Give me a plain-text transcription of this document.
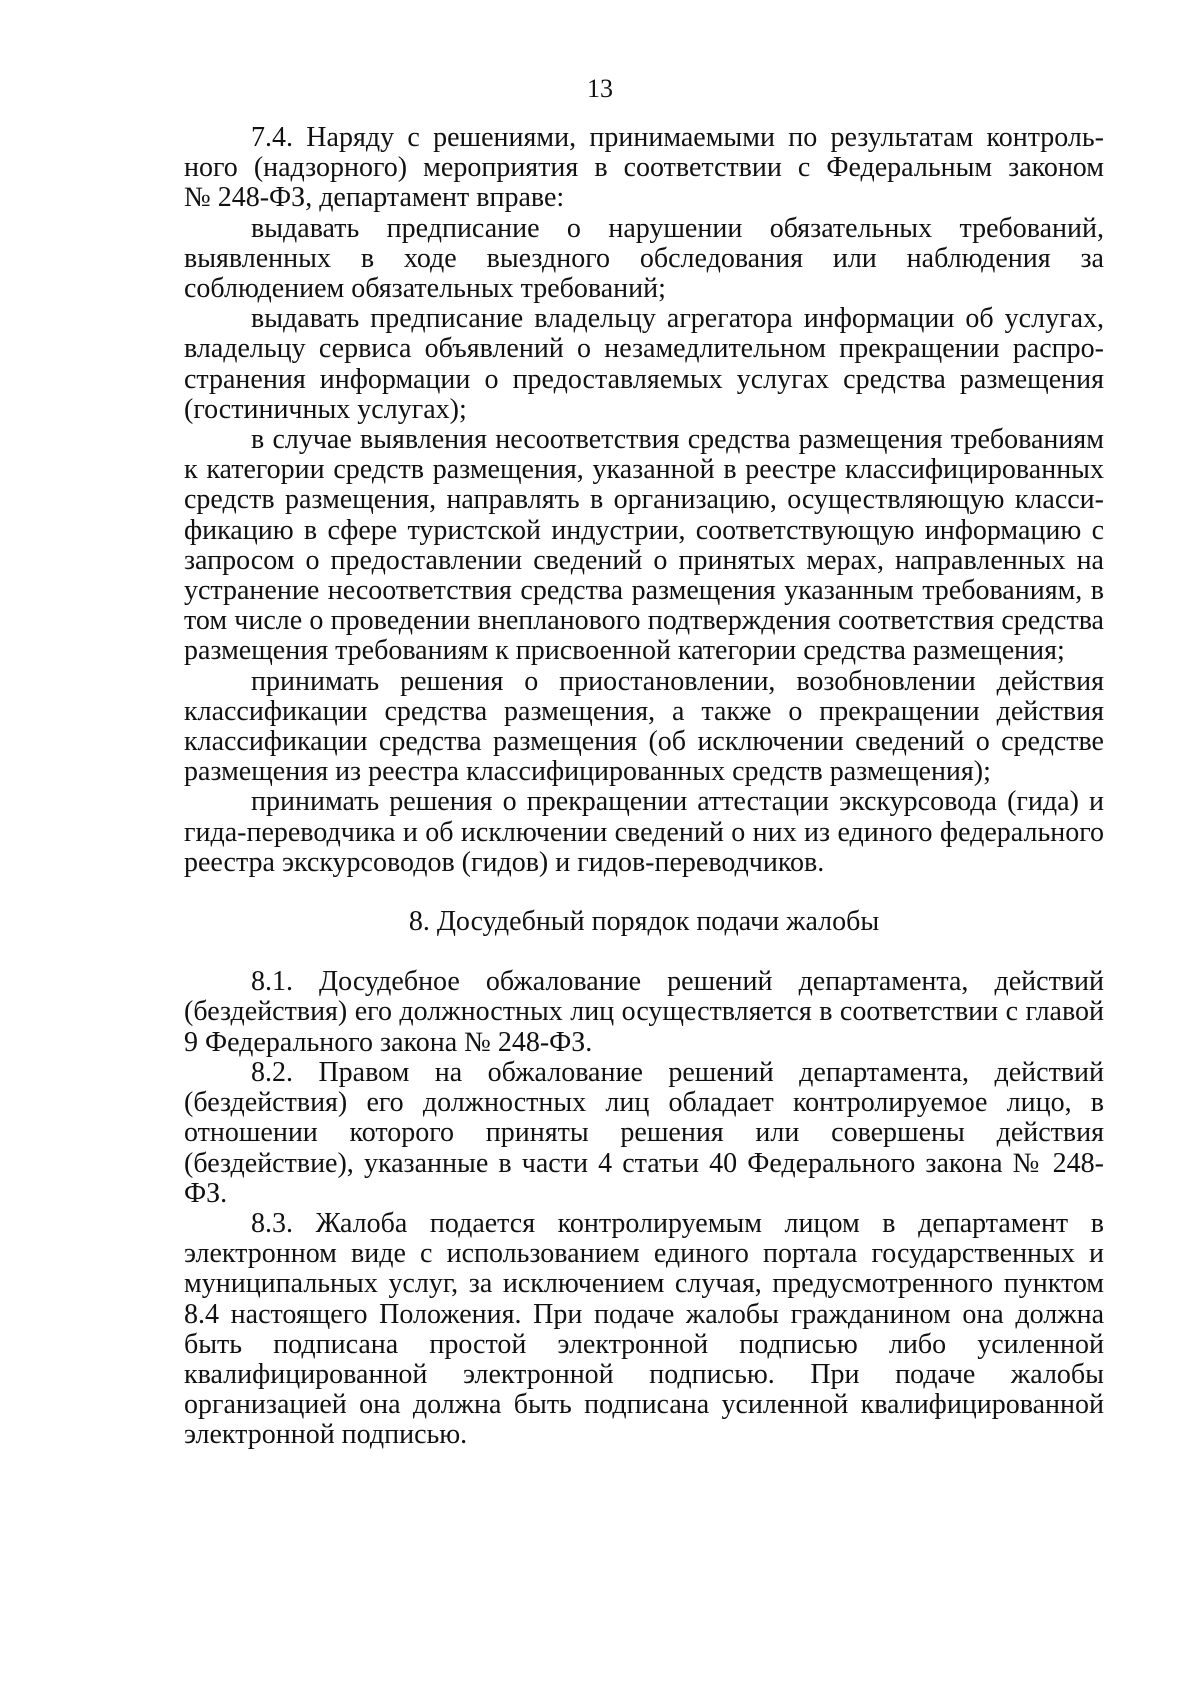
13

7.4. Наряду с решениями, принимаемыми по результатам контрольного (надзорного) мероприятия в соответствии с Федеральным законом № 248-ФЗ, департамент вправе:

выдавать предписание о нарушении обязательных требований, выявленных в ходе выездного обследования или наблюдения за соблюдением обязательных требований;

выдавать предписание владельцу агрегатора информации об услугах, владельцу сервиса объявлений о незамедлительном прекращении распространения информации о предоставляемых услугах средства размещения (гостиничных услугах);

в случае выявления несоответствия средства размещения требованиям к категории средств размещения, указанной в реестре классифицированных средств размещения, направлять в организацию, осуществляющую классификацию в сфере туристской индустрии, соответствующую информацию с запросом о предоставлении сведений о принятых мерах, направленных на устранение несоответствия средства размещения указанным требованиям, в том числе о проведении внепланового подтверждения соответствия средства размещения требованиям к присвоенной категории средства размещения;

принимать решения о приостановлении, возобновлении действия классификации средства размещения, а также о прекращении действия классификации средства размещения (об исключении сведений о средстве размещения из реестра классифицированных средств размещения);

принимать решения о прекращении аттестации экскурсовода (гида) и гида-переводчика и об исключении сведений о них из единого федерального реестра экскурсоводов (гидов) и гидов-переводчиков.

8. Досудебный порядок подачи жалобы

8.1. Досудебное обжалование решений департамента, действий (бездействия) его должностных лиц осуществляется в соответствии с главой 9 Федерального закона № 248-ФЗ.

8.2. Правом на обжалование решений департамента, действий (бездействия) его должностных лиц обладает контролируемое лицо, в отношении которого приняты решения или совершены действия (бездействие), указанные в части 4 статьи 40 Федерального закона № 248-ФЗ.

8.3. Жалоба подается контролируемым лицом в департамент в электронном виде с использованием единого портала государственных и муниципальных услуг, за исключением случая, предусмотренного пунктом 8.4 настоящего Положения. При подаче жалобы гражданином она должна быть подписана простой электронной подписью либо усиленной квалифицированной электронной подписью. При подаче жалобы организацией она должна быть подписана усиленной квалифицированной электронной подписью.
